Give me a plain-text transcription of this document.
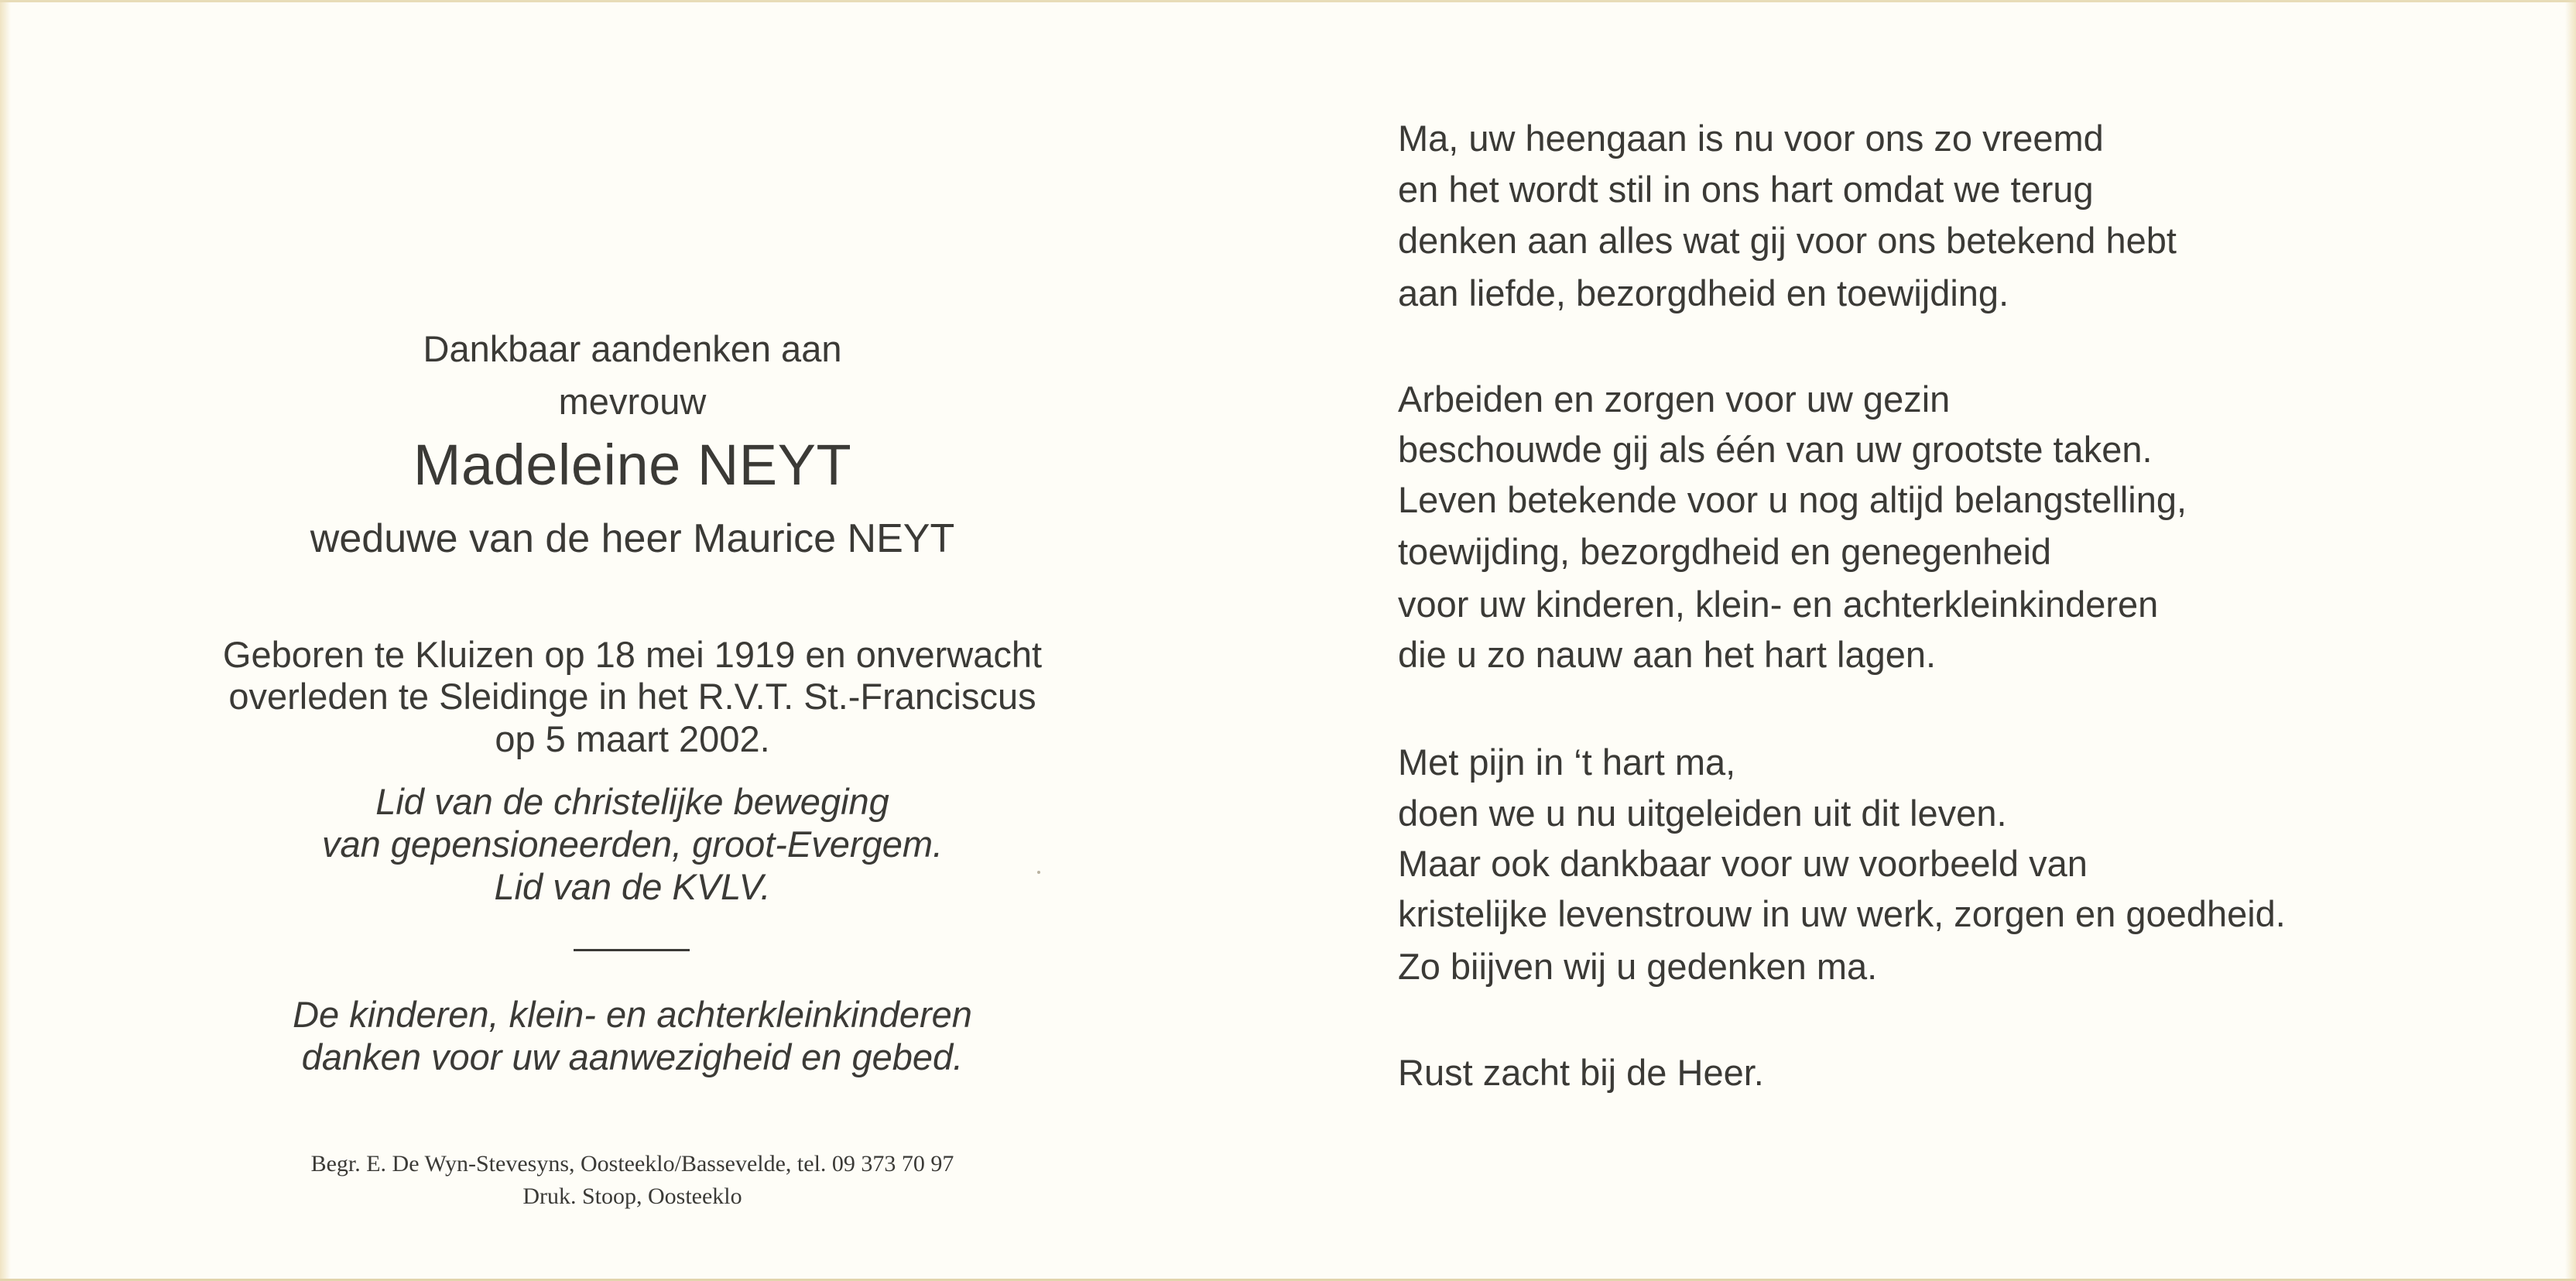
Dankbaar aandenken aan
mevrouw
Madeleine NEYT
weduwe van de heer Maurice NEYT
Geboren te Kluizen op 18 mei 1919 en onverwacht
overleden te Sleidinge in het R.V.T. St.-Franciscus
op 5 maart 2002.
Lid van de christelijke beweging
van gepensioneerden, groot-Evergem.
Lid van de KVLV.
De kinderen, klein- en achterkleinkinderen
danken voor uw aanwezigheid en gebed.
Begr. E. De Wyn-Stevesyns, Oosteeklo/Bassevelde, tel. 09 373 70 97
Druk. Stoop, Oosteeklo
Ma, uw heengaan is nu voor ons zo vreemd
en het wordt stil in ons hart omdat we terug
denken aan alles wat gij voor ons betekend hebt
aan liefde, bezorgdheid en toewijding.
Arbeiden en zorgen voor uw gezin
beschouwde gij als één van uw grootste taken.
Leven betekende voor u nog altijd belangstelling,
toewijding, bezorgdheid en genegenheid
voor uw kinderen, klein- en achterkleinkinderen
die u zo nauw aan het hart lagen.
Met pijn in ‘t hart ma,
doen we u nu uitgeleiden uit dit leven.
Maar ook dankbaar voor uw voorbeeld van
kristelijke levenstrouw in uw werk, zorgen en goedheid.
Zo biijven wij u gedenken ma.
Rust zacht bij de Heer.
